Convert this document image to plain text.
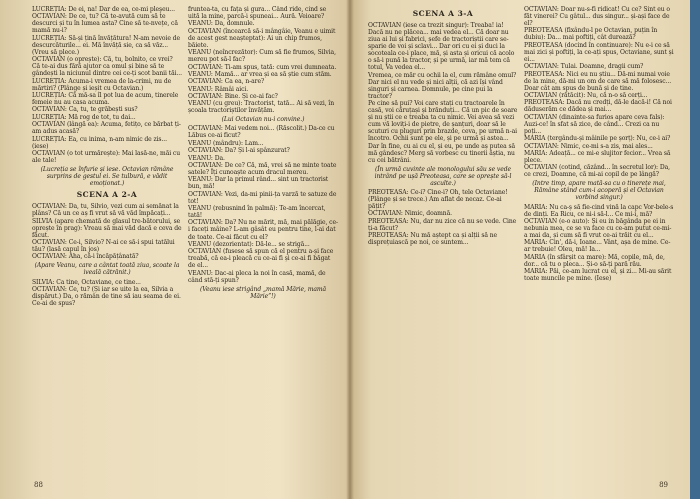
LUCREȚIA: De ei, na! Dar de ea, ce-mi pleşeu...

OCTAVIAN: De ce, tu? Că te-avută cum să te descurci și tu în lumea asta? Cine să te-nvețe, că mamă nu-i?

LUCREȚIA: Să-și țină învățătura! N-am nevoie de descurcăturile... ei. Mă învăță sie, ca să văz... (Vreu să plece.)

OCTAVIAN (o oprește): Că, tu, bolnito, ce vrei? Că te-ai dus fără ajutor ca omul și bine să te gândești la niciunul dintre cei ce-ți scot banii tăi...

LUCREȚIA: Acuma-i vremea de la-crimi, nu de mărtiri? (Plânge și ieșit cu Octavian.)

LUCREȚIA: Că mă-sa îl pot lua de acum, tinerele femeie nu au casa acuma.

OCTAVIAN: Ca, tu, te grăbești sus?

LUCREȚIA: Mă rog de tot, tu dai...

OCTAVIAN (lângă ea): Acuma, fetițo, ce bărbat ți-am adus acasă?

LUCREȚIA: Ea, cu inima, n-am nimic de zis... (iese)

OCTAVIAN (o tot urmărește): Mai lasă-ne, măi cu ale tale!

(Lucreția se înfurie și iese. Octavian rămâne surprins de gestul ei. Se tulbură, e vădit emoționat.)

SCENA A 2-A

OCTAVIAN: Da, tu, Silvio, vezi cum ai semănat la plâns? Că un ce aș fi vrut să vă văd împăcați...

SILVIA (apare chemată de glasul tre-bătorului, se oprește în prag): Vreau să mai văd dacă e ceva de făcut.

OCTAVIAN: Ce-i, Silvio? N-ai ce să-i spui tatălui tău? (lasă capul în jos)

OCTAVIAN: Aha, că-i încăpățânată?

(Apare Veanu, care a cântat toată ziua, scoate la iveală cătrănit.)

SILVIA: Ca tine, Octaviane, ce tine...

OCTAVIAN: Ce, tu? (Și iar se uite la ea, Silvia a dispărut.) Da, o rămân de tine să iau seama de ei. Ce-ai de spus?

fruntea-ta, cu fața și gura... Când ride, cind se uită la mine, parcă-i spuneai... Aură. Veioare?

VEANU: Da, domnule.

OCTAVIAN (încearcă să-i mângâie, Veanu e uimit de acest gest neașteptat): Ai un chip frumos, băiete.

VEANU (neîncrezător): Cum să fie frumos, Silvia, mereu pot să-l fac?

OCTAVIAN: Ti-am spus, tată: cum vrei dumneata.

VEANU: Mamă... ar vrea și ea să știe cum stăm.

OCTAVIAN: Ca ea, n-are?

VEANU: Râmâi aici.

OCTAVIAN: Bine. Și ce-ai fac?

VEANU (cu greu): Tractorist, tată... Ai să vezi, în școala tractoriștilor învățăm.

(Lui Octavian nu-i convine.)

OCTAVIAN: Mai vedem noi... (Răscolit.) Da-ce cu Lăbus ce-ai ficut?

VEANU (mândru): Lam...

OCTAVIAN: Da? Și l-ai spânzurat?

VEANU: Da.

OCTAVIAN: De ce? Că, mă, vrei să ne minte toate satele? Îți cunoaște acum dracul mereu.

VEANU: Dar la primul rând... sint un tractorist bun, mă!

OCTAVIAN: Vezi, da-mi pinii-ța varză te satuze de tot!

VEANU (rebusnind în palmă): Te-am încercat, tată!

OCTAVIAN: Da? Nu ne mărit, mă, mai pălăgie, ce-i faceți mâine? L-am gâsât eu pentru tine, l-ai dat de toate. Ce-ai făcut cu el?

VEANU (dezorientat): Dă-le... se strigă...

OCTAVIAN (fusese să spun că el pentru a-și face treabă, că ea-i pleacă cu ce-ai fi și ce-ai fi băgat de el...

VEANU: Dac-ai pleca la noi în casă, mamă, de când stă-ți spun?

(Veanu iese strigând „mamă Mărie, mamă Mărie”!)

88
SCENA A 3-A

OCTAVIAN (iese ca trezit singur): Treaba! ia! Dacă nu ne plăcea... mai vedea el... Că doar nu ziua ai lui și fabrici, șefe de tractoriștii care se-sparie de voi și sclavi... Dar ori cu ei și duci la socoteala ce-i place, mă, și asta și oricui că acolo o să-i pună la tractor, și pe urmă, iar mă tem că totul, Va vedea el...

Vremea, ce măr cu ochii la el, cum rămâne omul? Dar nici el nu vede și nici alții, că azi își vând singuri și carnea. Domnule, pe cine pui la tractor?

Pe cine să pui? Voi care stați cu tractoarele în casă, voi căruțași și brănduți... Că un pic de soare și nu știi ce e treaba ta cu nimic. Vei avea să vezi cum vă loviți-i de pietre, de șanțuri, doar să le scuturi cu pluguri prin brazde, ceva, pe urmă n-ai încotro. Ochii sunt pe ele, și pe urmă și astea...

Dar în fine, cu ai cu el, și eu, pe unde aș putea să mă gândesc? Merg să vorbesc cu tinerii ăștia, nu cu cei bătrâni.

(În urmă cuvinte ale monologului său se vede intrând pe ușă Preoteasa, care se oprește să-l asculte.)

PREOTEASA: Ce-i? Cine-i? Oh, tele Octaviane! (Plânge și se trece.) Am aflat de necaz. Ce-ai pățit?

OCTAVIAN: Nimic, doamnă.

PREOTEASA: Nu, dar nu zice că nu se vede. Cine ți-a făcut?

PREOTEASA: Nu mă aștept ca și alții să ne disprețuiască pe noi, ce suntem...

OCTAVIAN: Doar nu-s-fi ridicat! Cu ce? Sint eu o făt vinerei? Cu gâtul... dus singur... și-ași face de el?

PREOTEASA (fixându-l pe Octavian, puțin în dubiu): Da... mai poftiți, cât durează?

PREOTEASA (docind în continuare): Nu e-i ce să mai zici și poftiți, la ce-ați spus, Octaviane, sunt și ei...

OCTAVIAN: Tulai. Doamne, dragii cum?

PREOTEASA: Nici eu nu știu... Dă-mi numai voie de la mine, dă-mi un om de care să mă folosesc... Doar cât am spus de bună și de tine.

OCTAVIAN (rătăcit): Nu, că n-o să cerți...

PREOTEASA: Dacă nu credți, dă-le dacă-i! Că noi dăduserăm ce dădea și mai...

OCTAVIAN (dinainte-sa furios apare ceva fals): Auzi-ce! în sfat să zice, de când... Crezi ca nu poți...

MARIA (tergându-și mâinile pe șorț): Nu, ce-i ai?

OCTAVIAN: Nimic, ce-mi s-a zis, mai ales...

MARIA: Adeață... ce mi-e slujitor fecior... Vrea să plece.

OCTAVIAN (cotind, căzând... în secretul lor): Da, ce crezi, Doamne, că mi-ai copil de pe lângă?

(Intre timp, apare mată-sa cu o tinerețe mai, Rămâne stând cum-i acoperă și el Octavian vorbind singur.)

MARIA: Nu ca-ș să fie-cind vină la capc Vor-bele-s de dinți. Ea Ricu, ce ni-i să-l... Ce mi-i, mă?

OCTAVIAN (e-o auto): Și eu in băgânda pe ei in nebunia mea, ce se va face cu ce-am putut ce-mi-a mai da, și cum să fi vrut ce-ai trăit cu el...

MARIA: Cin', dă-i, Ioane... Vânt, așa de mine. Ce-ar trebuie! Oleu, mă! Ia...

MARIA (în sfârșit ca mare): Mă, copile, mă, de, dor... că tu o pleca... Și-o să-ți pară rău.

MARIA: Păi, ce-am lucrat cu el, și zi... Mi-au sărit toate muncile pe mine. (Iese)

89
